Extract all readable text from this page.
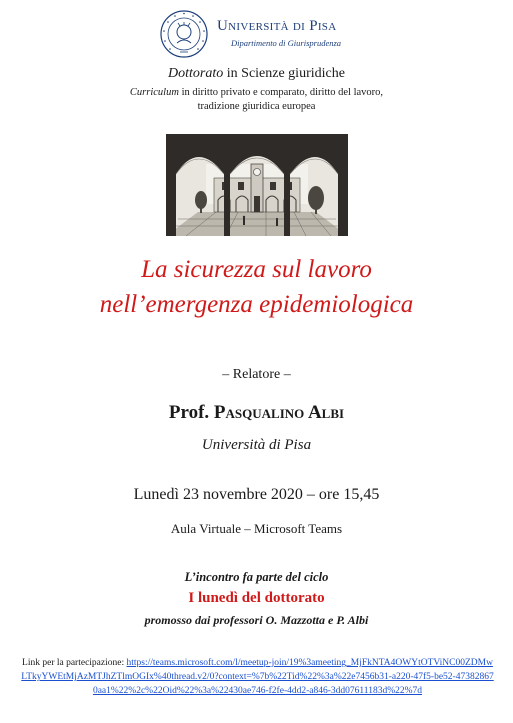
Università di Pisa
Dipartimento di Giurisprudenza
Dottorato in Scienze giuridiche
Curriculum in diritto privato e comparato, diritto del lavoro,
tradizione giuridica europea
La sicurezza sul lavoro
nell’emergenza epidemiologica
– Relatore –
Prof. Pasqualino Albi
Università di Pisa
Lunedì 23 novembre 2020 – ore 15,45
Aula Virtuale – Microsoft Teams
L’incontro fa parte del ciclo
I lunedì del dottorato
promosso dai professori O. Mazzotta e P. Albi
Link per la partecipazione: https://teams.microsoft.com/l/meetup-join/19%3ameeting_MjFkNTA4OWYtOTViNC00ZDMwLTkyYWEtMjAzMTJhZTlmOGIx%40thread.v2/0?context=%7b%22Tid%22%3a%22e7456b31-a220-47f5-be52-473828670aa1%22%2c%22Oid%22%3a%22430ae746-f2fe-4dd2-a846-3dd07611183d%22%7d
